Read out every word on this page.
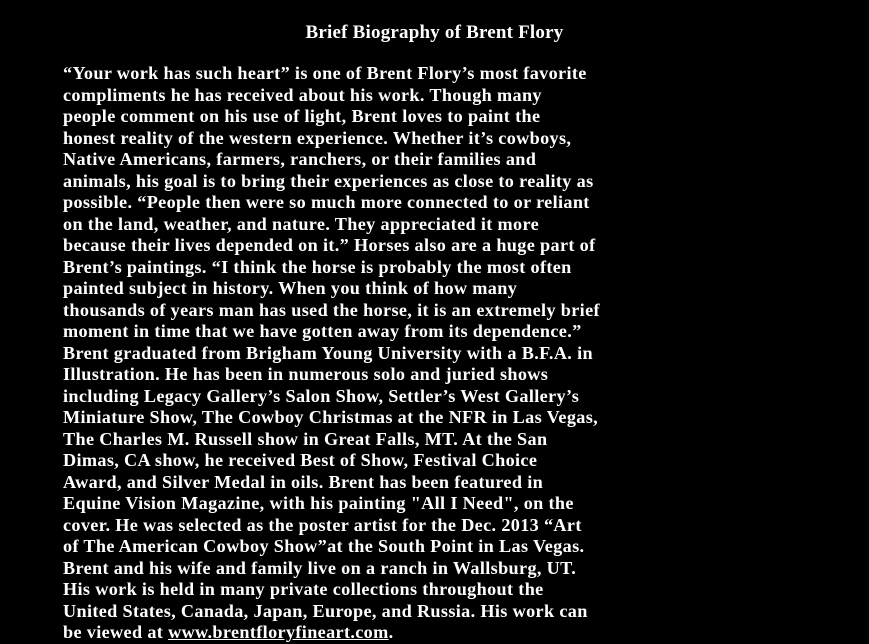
Brief Biography of Brent Flory
“Your work has such heart” is one of Brent Flory’s most favorite
compliments he has received about his work. Though many
people comment on his use of light, Brent loves to paint the
honest reality of the western experience. Whether it’s cowboys,
Native Americans, farmers, ranchers, or their families and
animals, his goal is to bring their experiences as close to reality as
possible. “People then were so much more connected to or reliant
on the land, weather, and nature. They appreciated it more
because their lives depended on it.” Horses also are a huge part of
Brent’s paintings. “I think the horse is probably the most often
painted subject in history. When you think of how many
thousands of years man has used the horse, it is an extremely brief
moment in time that we have gotten away from its dependence.”
Brent graduated from Brigham Young University with a B.F.A. in
Illustration. He has been in numerous solo and juried shows
including Legacy Gallery’s Salon Show, Settler’s West Gallery’s
Miniature Show, The Cowboy Christmas at the NFR in Las Vegas,
The Charles M. Russell show in Great Falls, MT. At the San
Dimas, CA show, he received Best of Show, Festival Choice
Award, and Silver Medal in oils. Brent has been featured in
Equine Vision Magazine, with his painting "All I Need", on the
cover. He was selected as the poster artist for the Dec. 2013 “Art
of The American Cowboy Show”at the South Point in Las Vegas.
Brent and his wife and family live on a ranch in Wallsburg, UT.
His work is held in many private collections throughout the
United States, Canada, Japan, Europe, and Russia. His work can
be viewed at www.brentfloryfineart.com.
